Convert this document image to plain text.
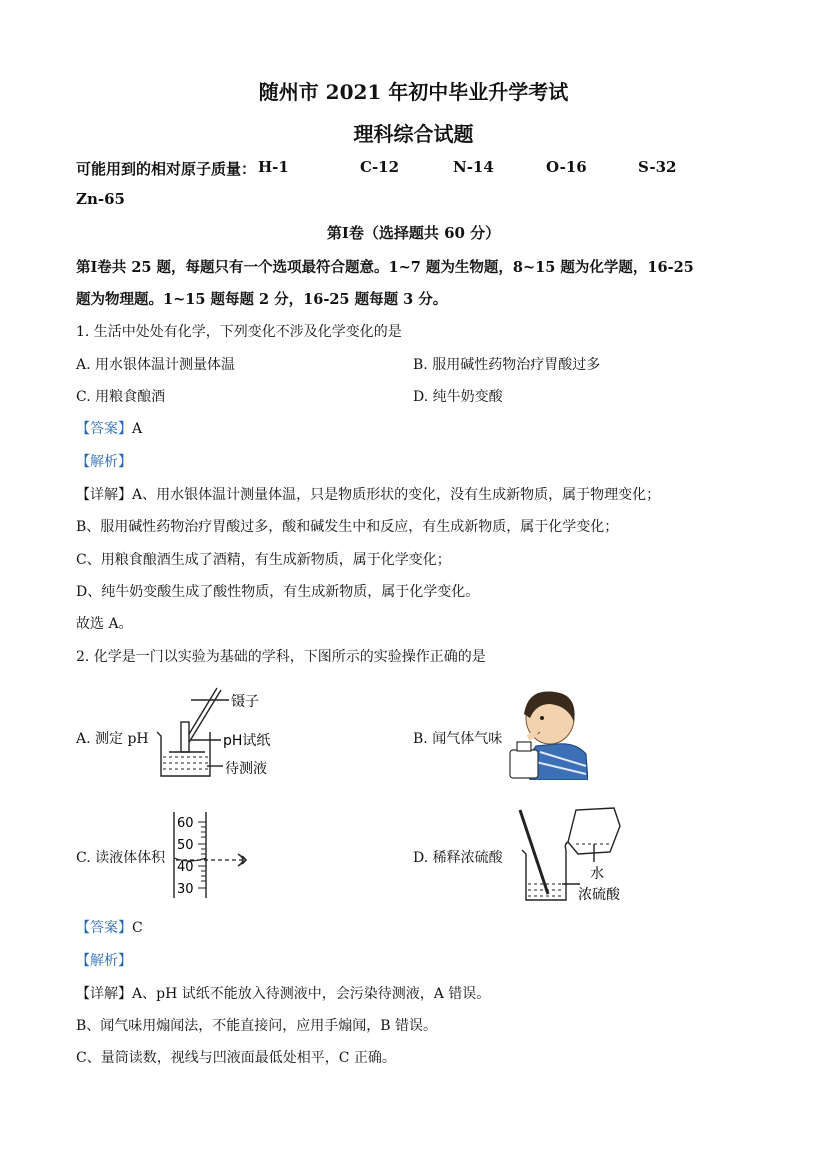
随州市 2021 年初中毕业升学考试
理科综合试题
可能用到的相对原子质量： H-1	C-12	N-14	O-16	S-32
Zn-65
第Ⅰ卷（选择题共 60 分）
第Ⅰ卷共 25 题，每题只有一个选项最符合题意。1~7 题为生物题，8~15 题为化学题，16-25
题为物理题。1~15 题每题 2 分，16-25 题每题 3 分。
1. 生活中处处有化学，下列变化不涉及化学变化的是
A. 用水银体温计测量体温	B. 服用碱性药物治疗胃酸过多
C. 用粮食酿酒	D. 纯牛奶变酸
【答案】A
【解析】
【详解】A、用水银体温计测量体温，只是物质形状的变化，没有生成新物质，属于物理变化；
B、服用碱性药物治疗胃酸过多，酸和碱发生中和反应，有生成新物质，属于化学变化；
C、用粮食酿酒生成了酒精，有生成新物质，属于化学变化；
D、纯牛奶变酸生成了酸性物质，有生成新物质，属于化学变化。
故选 A。
2. 化学是一门以实验为基础的学科，下图所示的实验操作正确的是
A. 测定 pH
镊子
pH试纸
待测液
B. 闻气体气味
C. 读液体体积
60
50
40
30
D. 稀释浓硫酸
水
浓硫酸
【答案】C
【解析】
【详解】A、pH 试纸不能放入待测液中，会污染待测液，A 错误。
B、闻气味用煽闻法，不能直接问，应用手煽闻，B 错误。
C、量筒读数，视线与凹液面最低处相平，C 正确。
